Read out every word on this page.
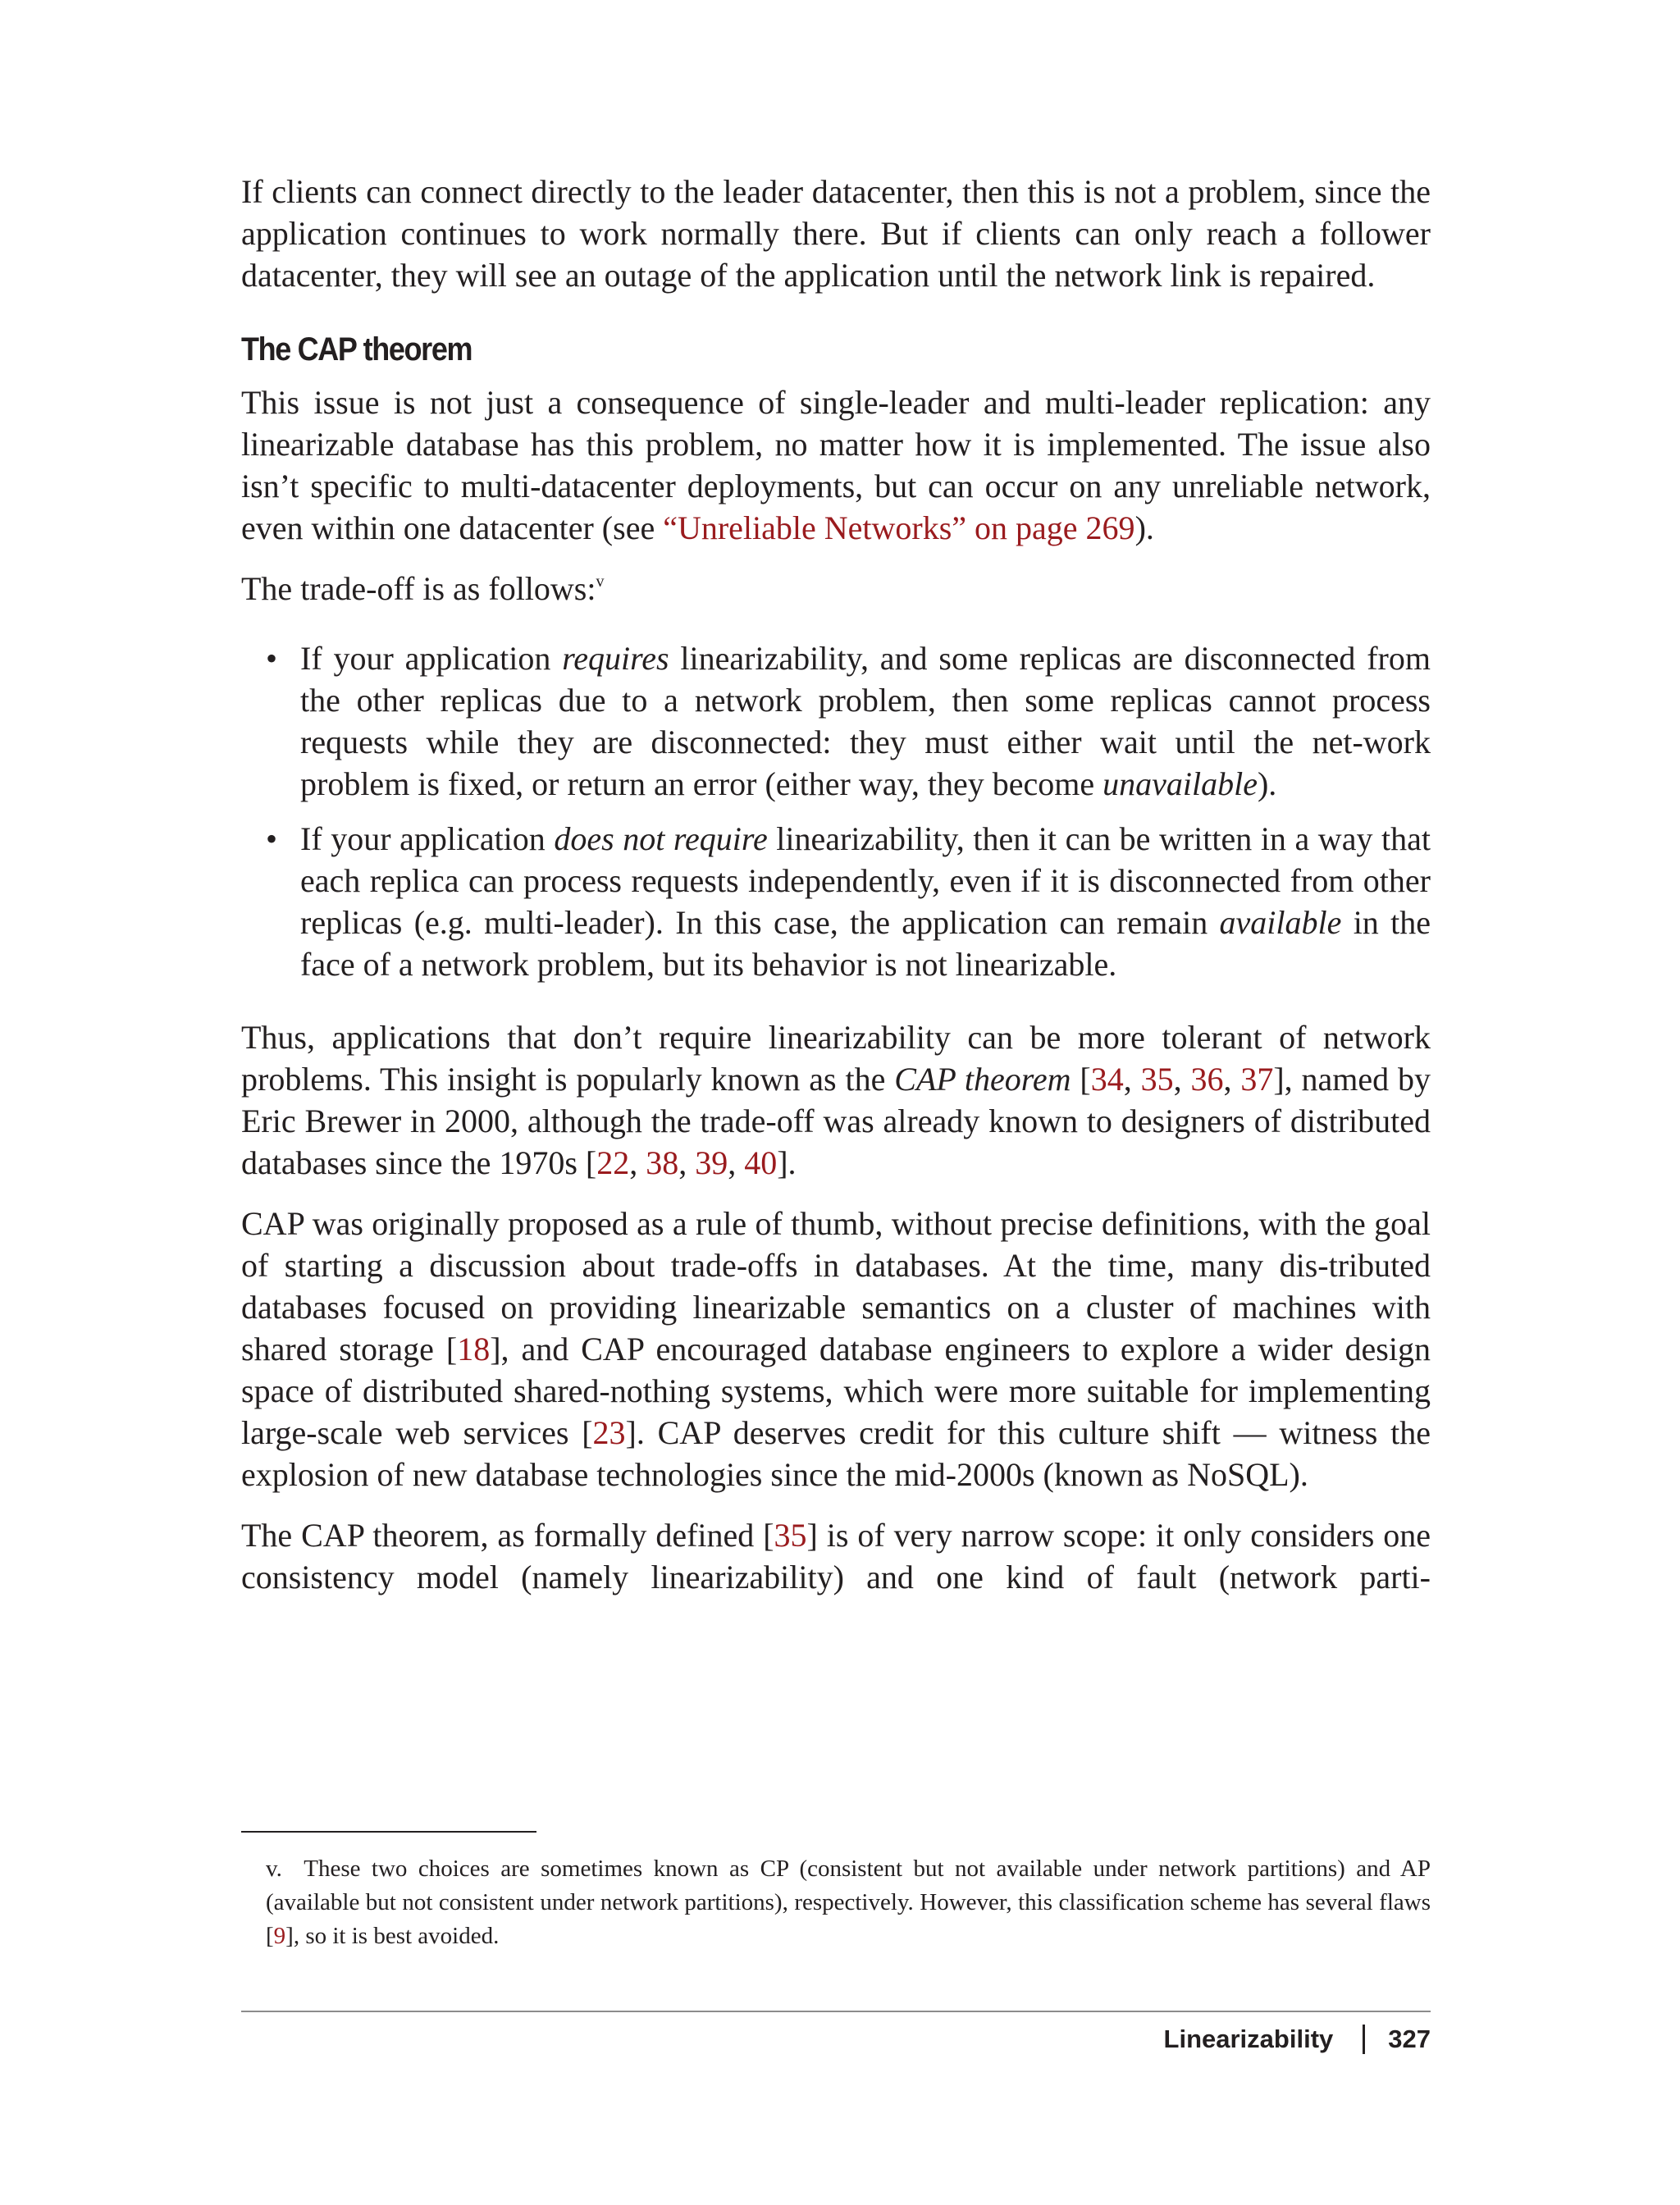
If clients can connect directly to the leader datacenter, then this is not a problem, since the application continues to work normally there. But if clients can only reach a follower datacenter, they will see an outage of the application until the network link is repaired.

The CAP theorem

This issue is not just a consequence of single-leader and multi-leader replication: any linearizable database has this problem, no matter how it is implemented. The issue also isn’t specific to multi-datacenter deployments, but can occur on any unreliable network, even within one datacenter (see “Unreliable Networks” on page 269).

The trade-off is as follows:$^v$

• If your application requires linearizability, and some replicas are disconnected from the other replicas due to a network problem, then some replicas cannot process requests while they are disconnected: they must either wait until the net-work problem is fixed, or return an error (either way, they become unavailable).
• If your application does not require linearizability, then it can be written in a way that each replica can process requests independently, even if it is disconnected from other replicas (e.g. multi-leader). In this case, the application can remain available in the face of a network problem, but its behavior is not linearizable.

Thus, applications that don’t require linearizability can be more tolerant of network problems. This insight is popularly known as the CAP theorem [34, 35, 36, 37], named by Eric Brewer in 2000, although the trade-off was already known to designers of distributed databases since the 1970s [22, 38, 39, 40].

CAP was originally proposed as a rule of thumb, without precise definitions, with the goal of starting a discussion about trade-offs in databases. At the time, many dis-tributed databases focused on providing linearizable semantics on a cluster of machines with shared storage [18], and CAP encouraged database engineers to explore a wider design space of distributed shared-nothing systems, which were more suitable for implementing large-scale web services [23]. CAP deserves credit for this culture shift — witness the explosion of new database technologies since the mid-2000s (known as NoSQL).

The CAP theorem, as formally defined [35] is of very narrow scope: it only considers one consistency model (namely linearizability) and one kind of fault (network parti-

v. These two choices are sometimes known as CP (consistent but not available under network partitions) and AP (available but not consistent under network partitions), respectively. However, this classification scheme has several flaws [9], so it is best avoided.
Linearizability 327
